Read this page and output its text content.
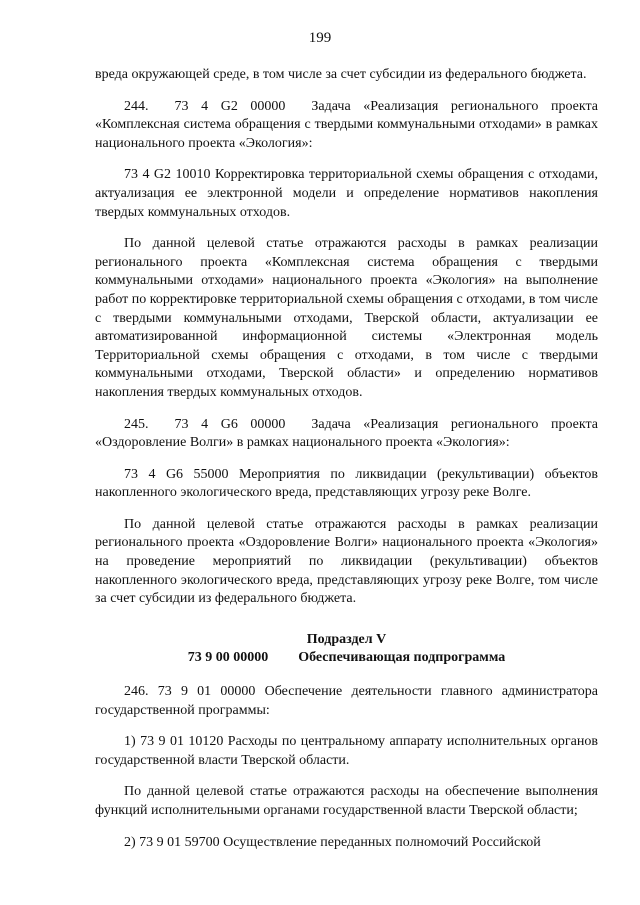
199

вреда окружающей среде, в том числе за счет субсидии из федерального бюджета.

244. 73 4 G2 00000 Задача «Реализация регионального проекта «Комплексная система обращения с твердыми коммунальными отходами» в рамках национального проекта «Экология»:

73 4 G2 10010 Корректировка территориальной схемы обращения с отходами, актуализация ее электронной модели и определение нормативов накопления твердых коммунальных отходов.

По данной целевой статье отражаются расходы в рамках реализации регионального проекта «Комплексная система обращения с твердыми коммунальными отходами» национального проекта «Экология» на выполнение работ по корректировке территориальной схемы обращения с отходами, в том числе с твердыми коммунальными отходами, Тверской области, актуализации ее автоматизированной информационной системы «Электронная модель Территориальной схемы обращения с отходами, в том числе с твердыми коммунальными отходами, Тверской области» и определению нормативов накопления твердых коммунальных отходов.

245. 73 4 G6 00000 Задача «Реализация регионального проекта «Оздоровление Волги» в рамках национального проекта «Экология»:

73 4 G6 55000 Мероприятия по ликвидации (рекультивации) объектов накопленного экологического вреда, представляющих угрозу реке Волге.

По данной целевой статье отражаются расходы в рамках реализации регионального проекта «Оздоровление Волги» национального проекта «Экология» на проведение мероприятий по ликвидации (рекультивации) объектов накопленного экологического вреда, представляющих угрозу реке Волге, том числе за счет субсидии из федерального бюджета.

Подраздел V
73 9 00 00000 Обеспечивающая подпрограмма

246. 73 9 01 00000 Обеспечение деятельности главного администратора государственной программы:

1) 73 9 01 10120 Расходы по центральному аппарату исполнительных органов государственной власти Тверской области.

По данной целевой статье отражаются расходы на обеспечение выполнения функций исполнительными органами государственной власти Тверской области;

2) 73 9 01 59700 Осуществление переданных полномочий Российской
